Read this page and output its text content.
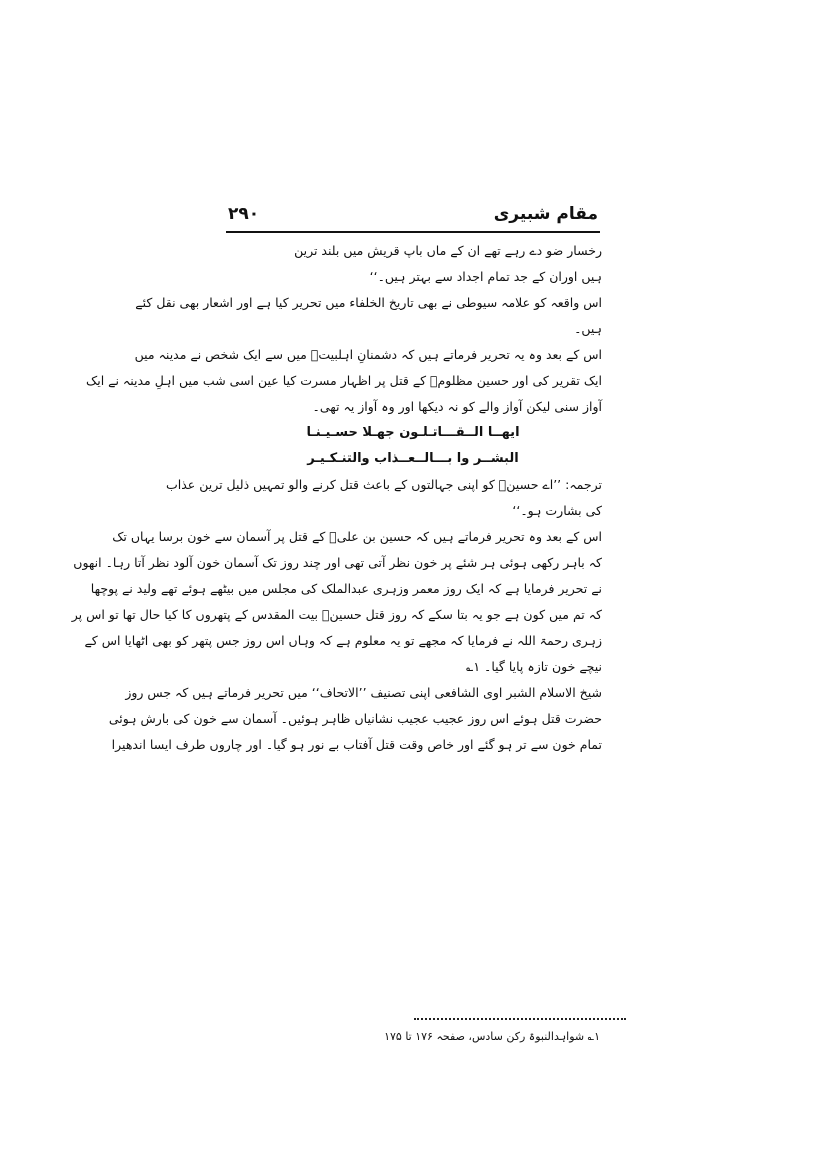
مقام شبیری
۲۹۰
رخسار ضو دے رہے تھے ان کے ماں باپ قریش میں بلند ترین
ہیں اوران کے جد تمام اجداد سے بہتر ہیں۔‘‘
اس واقعہ کو علامہ سیوطی نے بھی تاریخ الخلفاء میں تحریر کیا ہے اور اشعار بھی نقل کئے
ہیں۔
اس کے بعد وہ یہ تحریر فرماتے ہیں کہ دشمنانِ اہلبیتؑ میں سے ایک شخص نے مدینہ میں
ایک تقریر کی اور حسین مظلومؑ کے قتل پر اظہار مسرت کیا عین اسی شب میں اہلِ مدینہ نے ایک
آواز سنی لیکن آواز والے کو نہ دیکھا اور وہ آواز یہ تھی۔
ایھــا الــقـــاتـلـون جھـلا حسـیـنـا
البشــر وا بـــالــعــذاب والتنـکـیـر
ترجمہ: ’’اے حسینؑ کو اپنی جہالتوں کے باعث قتل کرنے والو تمہیں ذلیل ترین عذاب
کی بشارت ہو۔‘‘
اس کے بعد وہ تحریر فرماتے ہیں کہ حسین بن علیؑ کے قتل پر آسمان سے خون برسا یہاں تک
کہ باہر رکھی ہوئی ہر شئے پر خون نظر آتی تھی اور چند روز تک آسمان خون آلود نظر آتا رہا۔ انھوں
نے تحریر فرمایا ہے کہ ایک روز معمر وزہری عبدالملک کی مجلس میں بیٹھے ہوئے تھے ولید نے پوچھا
کہ تم میں کون ہے جو یہ بتا سکے کہ روز قتل حسینؑ بیت المقدس کے پتھروں کا کیا حال تھا تو اس پر
زہری رحمۃ اللہ نے فرمایا کہ مجھے تو یہ معلوم ہے کہ وہاں اس روز جس پتھر کو بھی اٹھایا اس کے
نیچے خون تازہ پایا گیا۔ ۱؎
شیخ الاسلام الشبر اوی الشافعی اپنی تصنیف ’’الاتحاف‘‘ میں تحریر فرماتے ہیں کہ جس روز
حضرت قتل ہوئے اس روز عجیب عجیب نشانیاں ظاہر ہوئیں۔ آسمان سے خون کی بارش ہوئی
تمام خون سے تر ہو گئے اور خاص وقت قتل آفتاب بے نور ہو گیا۔ اور چاروں طرف ایسا اندھیرا
۱؎ شواہدالنبوۃ رکن سادس، صفحہ ۱۷۶ تا ۱۷۵
